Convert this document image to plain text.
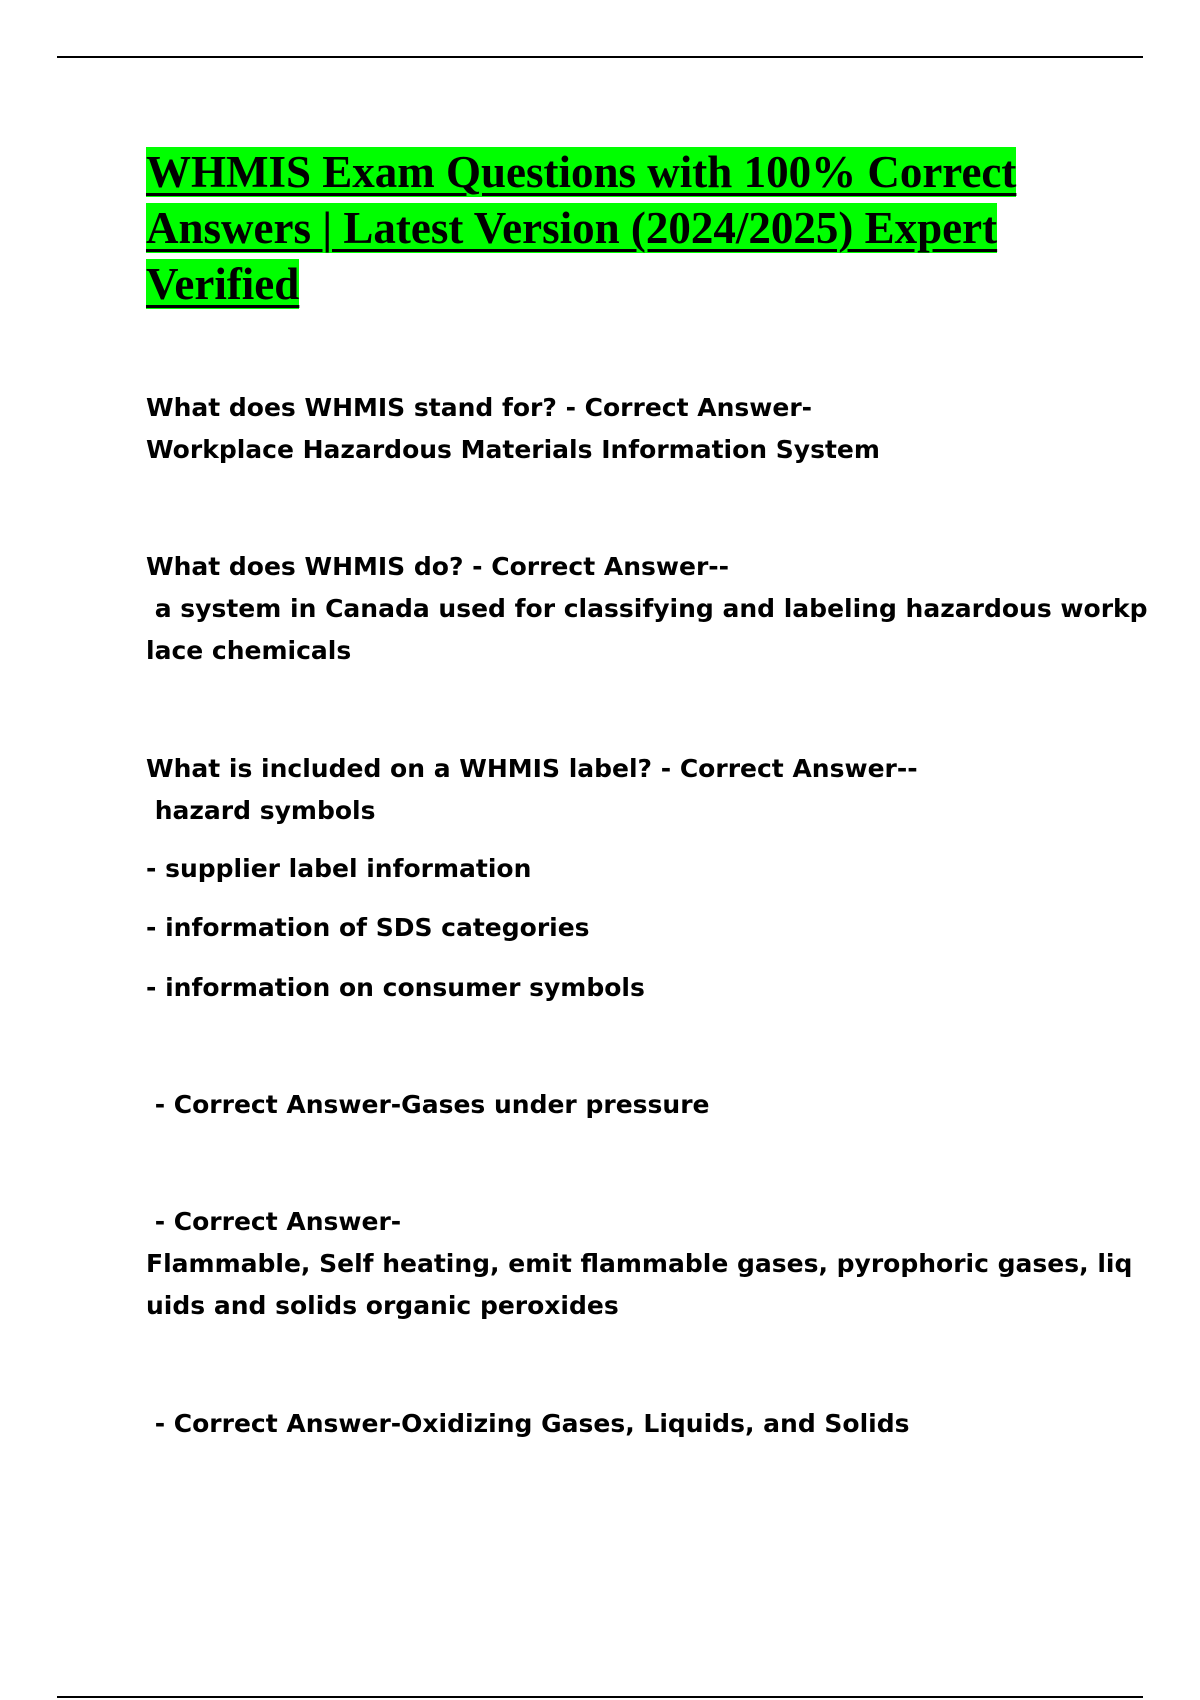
WHMIS Exam Questions with 100% Correct
Answers | Latest Version (2024/2025) Expert
Verified
What does WHMIS stand for? - Correct Answer-
Workplace Hazardous Materials Information System
What does WHMIS do? - Correct Answer--
a system in Canada used for classifying and labeling hazardous workp
lace chemicals
What is included on a WHMIS label? - Correct Answer--
hazard symbols
- supplier label information
- information of SDS categories
- information on consumer symbols
- Correct Answer-Gases under pressure
- Correct Answer-
Flammable, Self heating, emit flammable gases, pyrophoric gases, liq
uids and solids organic peroxides
- Correct Answer-Oxidizing Gases, Liquids, and Solids
